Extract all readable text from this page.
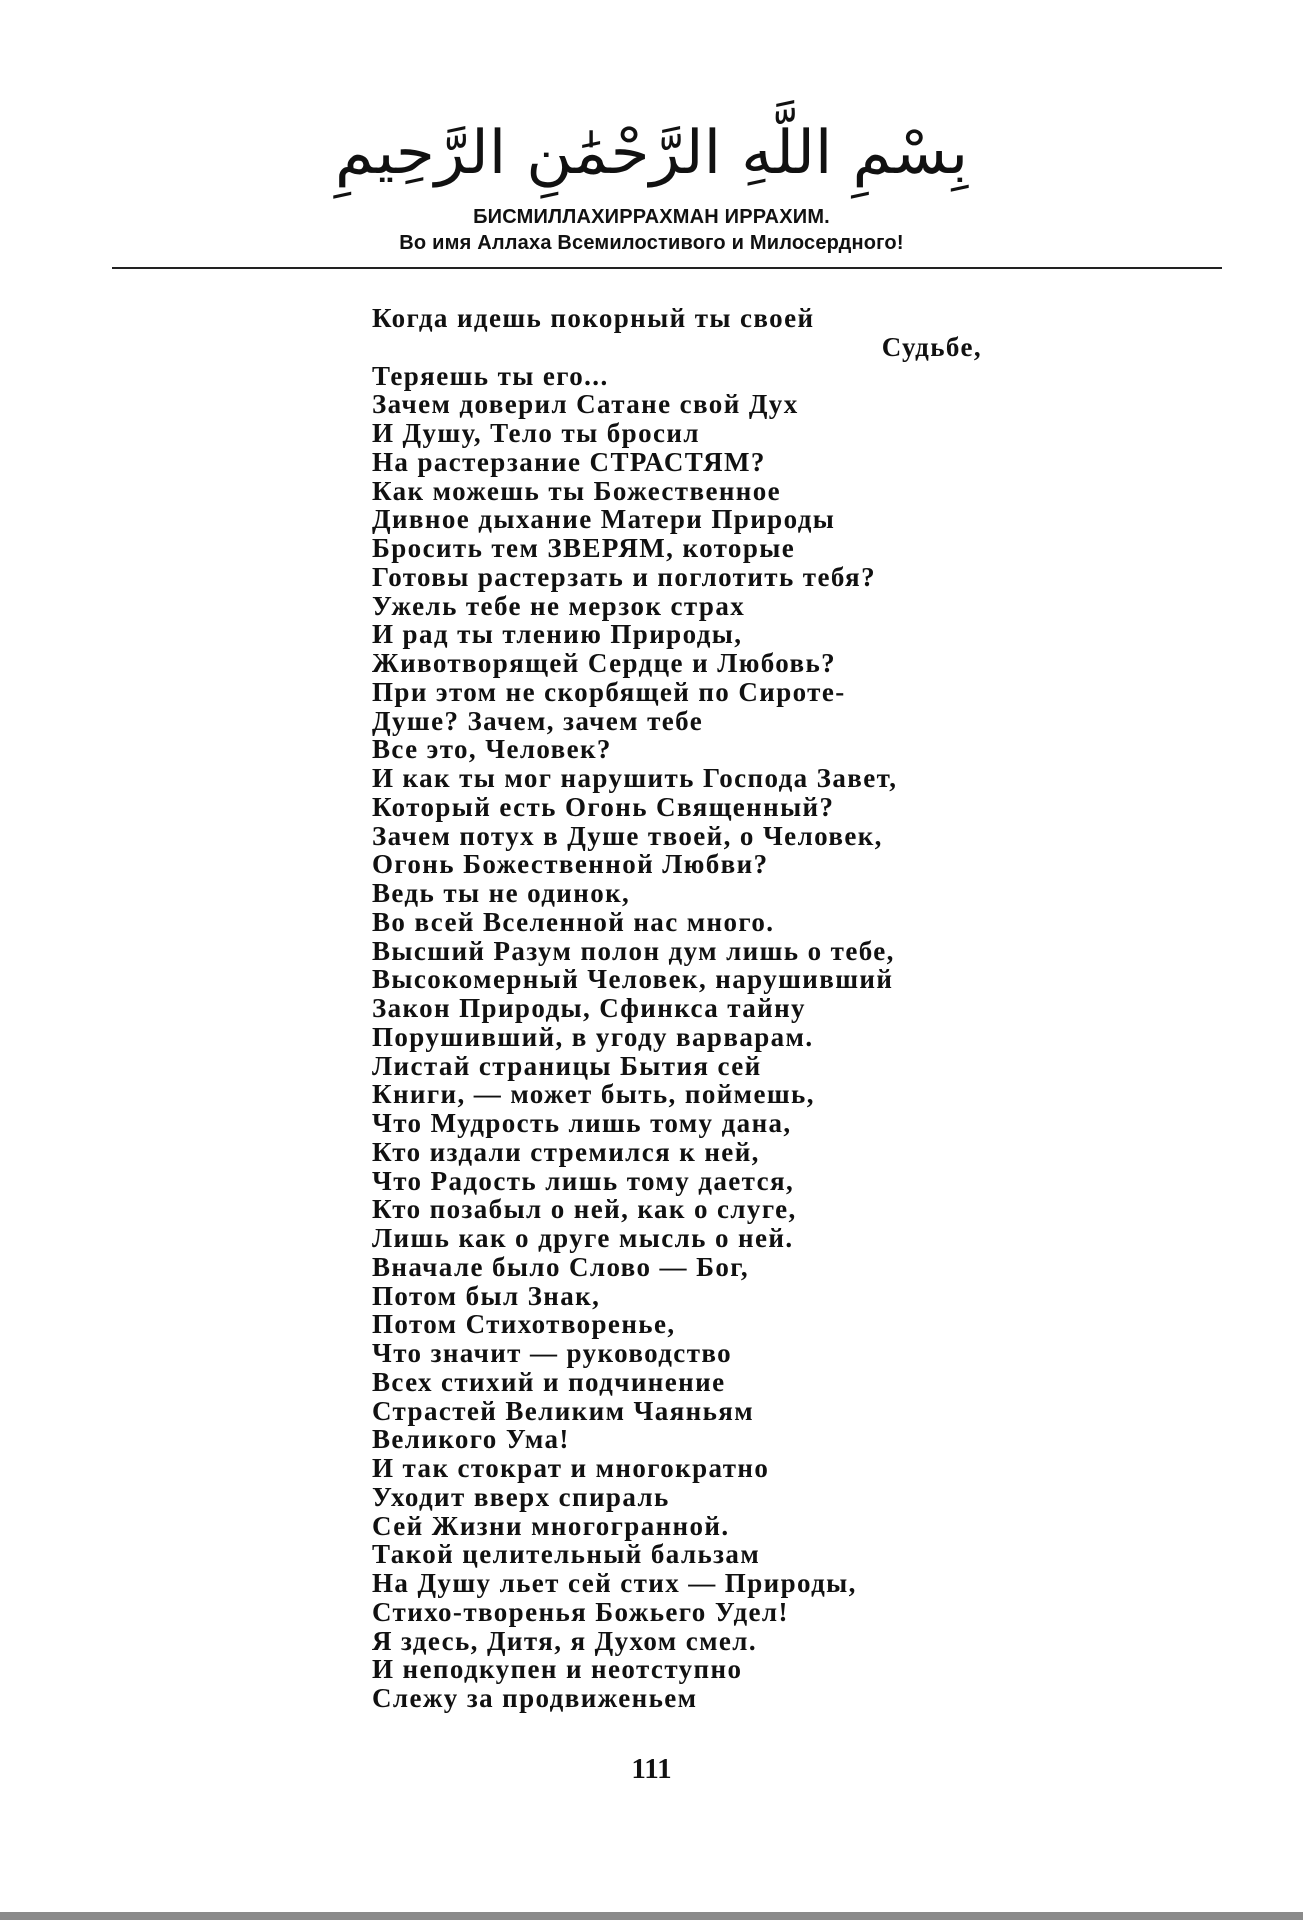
بِسْمِ اللَّهِ الرَّحْمَٰنِ الرَّحِيمِ
БИСМИЛЛАХИРРАХМАН ИРРАХИМ.
Во имя Аллаха Всемилостивого и Милосердного!
Когда идешь покорный ты своей
Судьбе,
Теряешь ты его...
Зачем доверил Сатане свой Дух
И Душу, Тело ты бросил
На растерзание СТРАСТЯМ?
Как можешь ты Божественное
Дивное дыхание Матери Природы
Бросить тем ЗВЕРЯМ, которые
Готовы растерзать и поглотить тебя?
Ужель тебе не мерзок страх
И рад ты тлению Природы,
Животворящей Сердце и Любовь?
При этом не скорбящей по Сироте-
Душе? Зачем, зачем тебе
Все это, Человек?
И как ты мог нарушить Господа Завет,
Который есть Огонь Священный?
Зачем потух в Душе твоей, о Человек,
Огонь Божественной Любви?
Ведь ты не одинок,
Во всей Вселенной нас много.
Высший Разум полон дум лишь о тебе,
Высокомерный Человек, нарушивший
Закон Природы, Сфинкса тайну
Порушивший, в угоду варварам.
Листай страницы Бытия сей
Книги, — может быть, поймешь,
Что Мудрость лишь тому дана,
Кто издали стремился к ней,
Что Радость лишь тому дается,
Кто позабыл о ней, как о слуге,
Лишь как о друге мысль о ней.
Вначале было Слово — Бог,
Потом был Знак,
Потом Стихотворенье,
Что значит — руководство
Всех стихий и подчинение
Страстей Великим Чаяньям
Великого Ума!
И так стократ и многократно
Уходит вверх спираль
Сей Жизни многогранной.
Такой целительный бальзам
На Душу льет сей стих — Природы,
Стихо-творенья Божьего Удел!
Я здесь, Дитя, я Духом смел.
И неподкупен и неотступно
Слежу за продвиженьем
111
